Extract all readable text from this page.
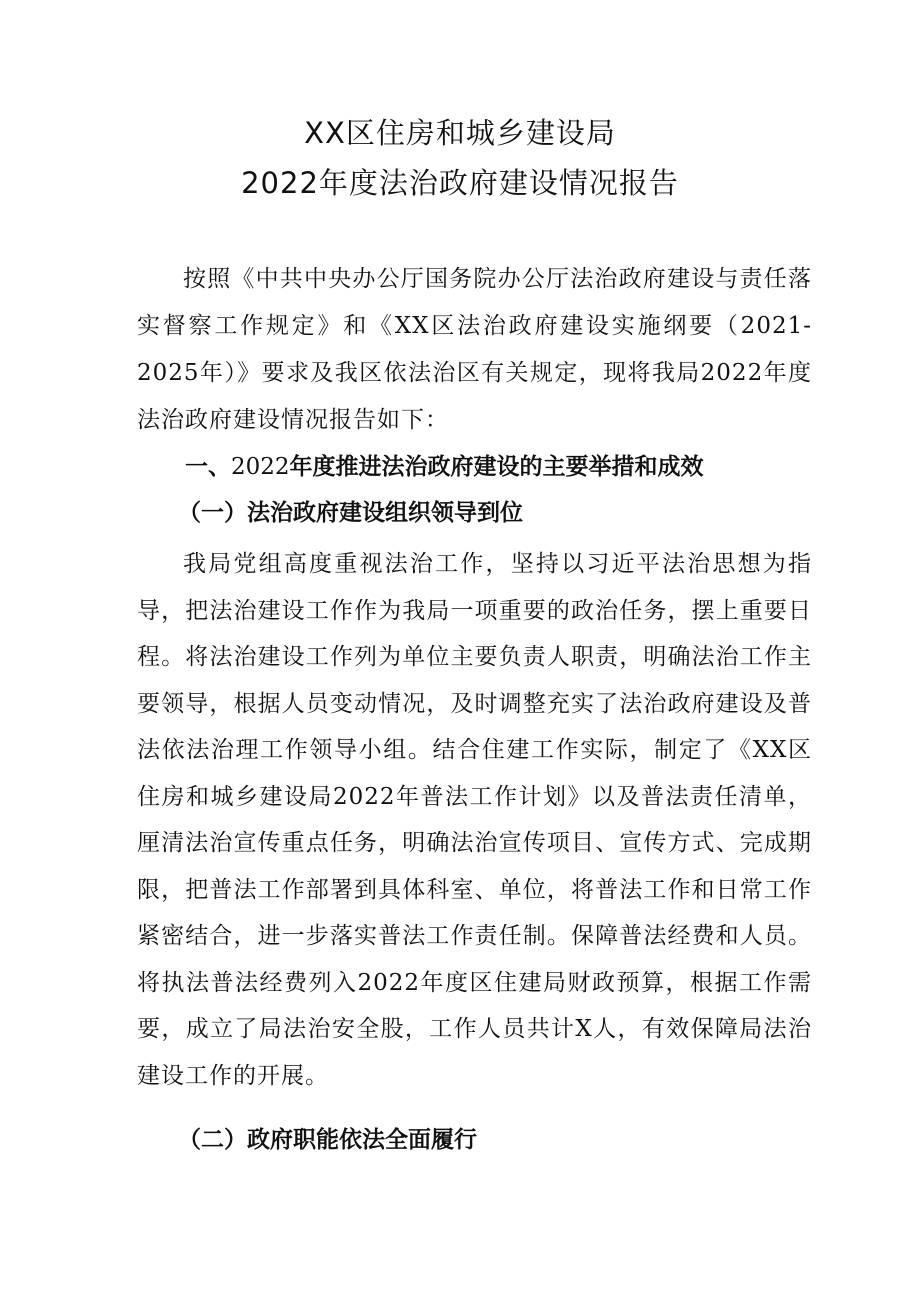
XX区住房和城乡建设局
2022年度法治政府建设情况报告

按照《中共中央办公厅国务院办公厅法治政府建设与责任落实督察工作规定》和《XX区法治政府建设实施纲要（2021-2025年）》要求及我区依法治区有关规定，现将我局2022年度法治政府建设情况报告如下：

一、2022年度推进法治政府建设的主要举措和成效

（一）法治政府建设组织领导到位

我局党组高度重视法治工作，坚持以习近平法治思想为指导，把法治建设工作作为我局一项重要的政治任务，摆上重要日程。将法治建设工作列为单位主要负责人职责，明确法治工作主要领导，根据人员变动情况，及时调整充实了法治政府建设及普法依法治理工作领导小组。结合住建工作实际，制定了《XX区住房和城乡建设局2022年普法工作计划》以及普法责任清单，厘清法治宣传重点任务，明确法治宣传项目、宣传方式、完成期限，把普法工作部署到具体科室、单位，将普法工作和日常工作紧密结合，进一步落实普法工作责任制。保障普法经费和人员。将执法普法经费列入2022年度区住建局财政预算，根据工作需要，成立了局法治安全股，工作人员共计X人，有效保障局法治建设工作的开展。

（二）政府职能依法全面履行
